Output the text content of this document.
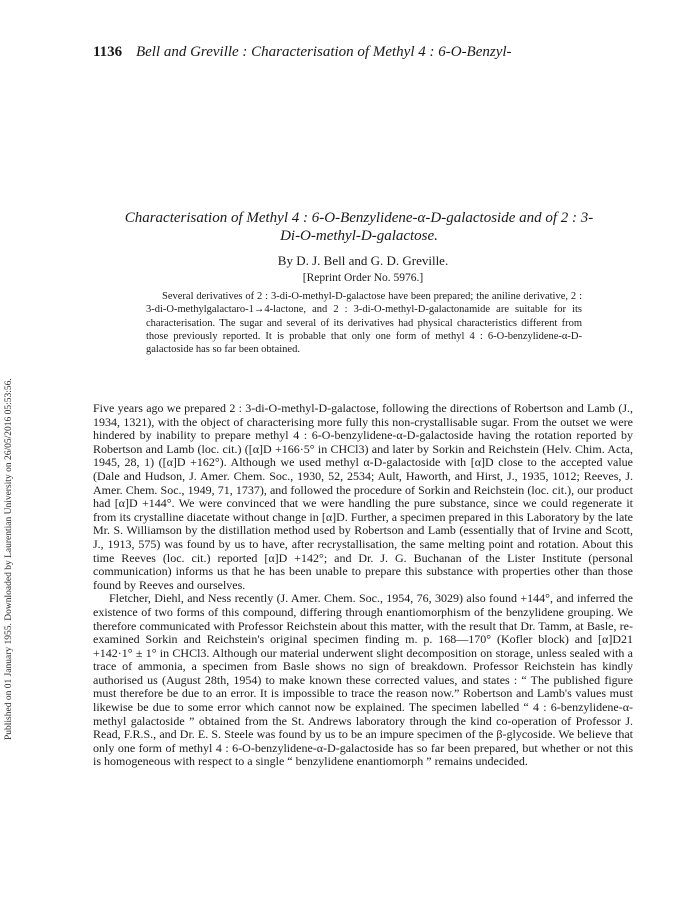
1136 Bell and Greville : Characterisation of Methyl 4 : 6-O-Benzyl-
Published on 01 January 1955. Downloaded by Laurentian University on 26/05/2016 05:53:56.
Characterisation of Methyl 4 : 6-O-Benzylidene-α-D-galactoside and of 2 : 3-Di-O-methyl-D-galactose.
By D. J. Bell and G. D. Greville.
[Reprint Order No. 5976.]
Several derivatives of 2 : 3-di-O-methyl-D-galactose have been prepared; the aniline derivative, 2 : 3-di-O-methylgalactaro-1→4-lactone, and 2 : 3-di-O-methyl-D-galactonamide are suitable for its characterisation. The sugar and several of its derivatives had physical characteristics different from those previously reported. It is probable that only one form of methyl 4 : 6-O-benzylidene-α-D-galactoside has so far been obtained.

Five years ago we prepared 2 : 3-di-O-methyl-D-galactose, following the directions of Robertson and Lamb (J., 1934, 1321), with the object of characterising more fully this non-crystallisable sugar. From the outset we were hindered by inability to prepare methyl 4 : 6-O-benzylidene-α-D-galactoside having the rotation reported by Robertson and Lamb (loc. cit.) ([α]D +166·5° in CHCl3) and later by Sorkin and Reichstein (Helv. Chim. Acta, 1945, 28, 1) ([α]D +162°). Although we used methyl α-D-galactoside with [α]D close to the accepted value (Dale and Hudson, J. Amer. Chem. Soc., 1930, 52, 2534; Ault, Haworth, and Hirst, J., 1935, 1012; Reeves, J. Amer. Chem. Soc., 1949, 71, 1737), and followed the procedure of Sorkin and Reichstein (loc. cit.), our product had [α]D +144°. We were convinced that we were handling the pure substance, since we could regenerate it from its crystalline diacetate without change in [α]D. Further, a specimen prepared in this Laboratory by the late Mr. S. Williamson by the distillation method used by Robertson and Lamb (essentially that of Irvine and Scott, J., 1913, 575) was found by us to have, after recrystallisation, the same melting point and rotation. About this time Reeves (loc. cit.) reported [α]D +142°; and Dr. J. G. Buchanan of the Lister Institute (personal communication) informs us that he has been unable to prepare this substance with properties other than those found by Reeves and ourselves.

Fletcher, Diehl, and Ness recently (J. Amer. Chem. Soc., 1954, 76, 3029) also found +144°, and inferred the existence of two forms of this compound, differing through enantiomorphism of the benzylidene grouping. We therefore communicated with Professor Reichstein about this matter, with the result that Dr. Tamm, at Basle, re-examined Sorkin and Reichstein's original specimen finding m. p. 168—170° (Kofler block) and [α]D21 +142·1° ± 1° in CHCl3. Although our material underwent slight decomposition on storage, unless sealed with a trace of ammonia, a specimen from Basle shows no sign of breakdown. Professor Reichstein has kindly authorised us (August 28th, 1954) to make known these corrected values, and states : “ The published figure must therefore be due to an error. It is impossible to trace the reason now.” Robertson and Lamb's values must likewise be due to some error which cannot now be explained. The specimen labelled “ 4 : 6-benzylidene-α-methyl galactoside ” obtained from the St. Andrews laboratory through the kind co-operation of Professor J. Read, F.R.S., and Dr. E. S. Steele was found by us to be an impure specimen of the β-glycoside. We believe that only one form of methyl 4 : 6-O-benzylidene-α-D-galactoside has so far been prepared, but whether or not this is homogeneous with respect to a single “ benzylidene enantiomorph ” remains undecided.
